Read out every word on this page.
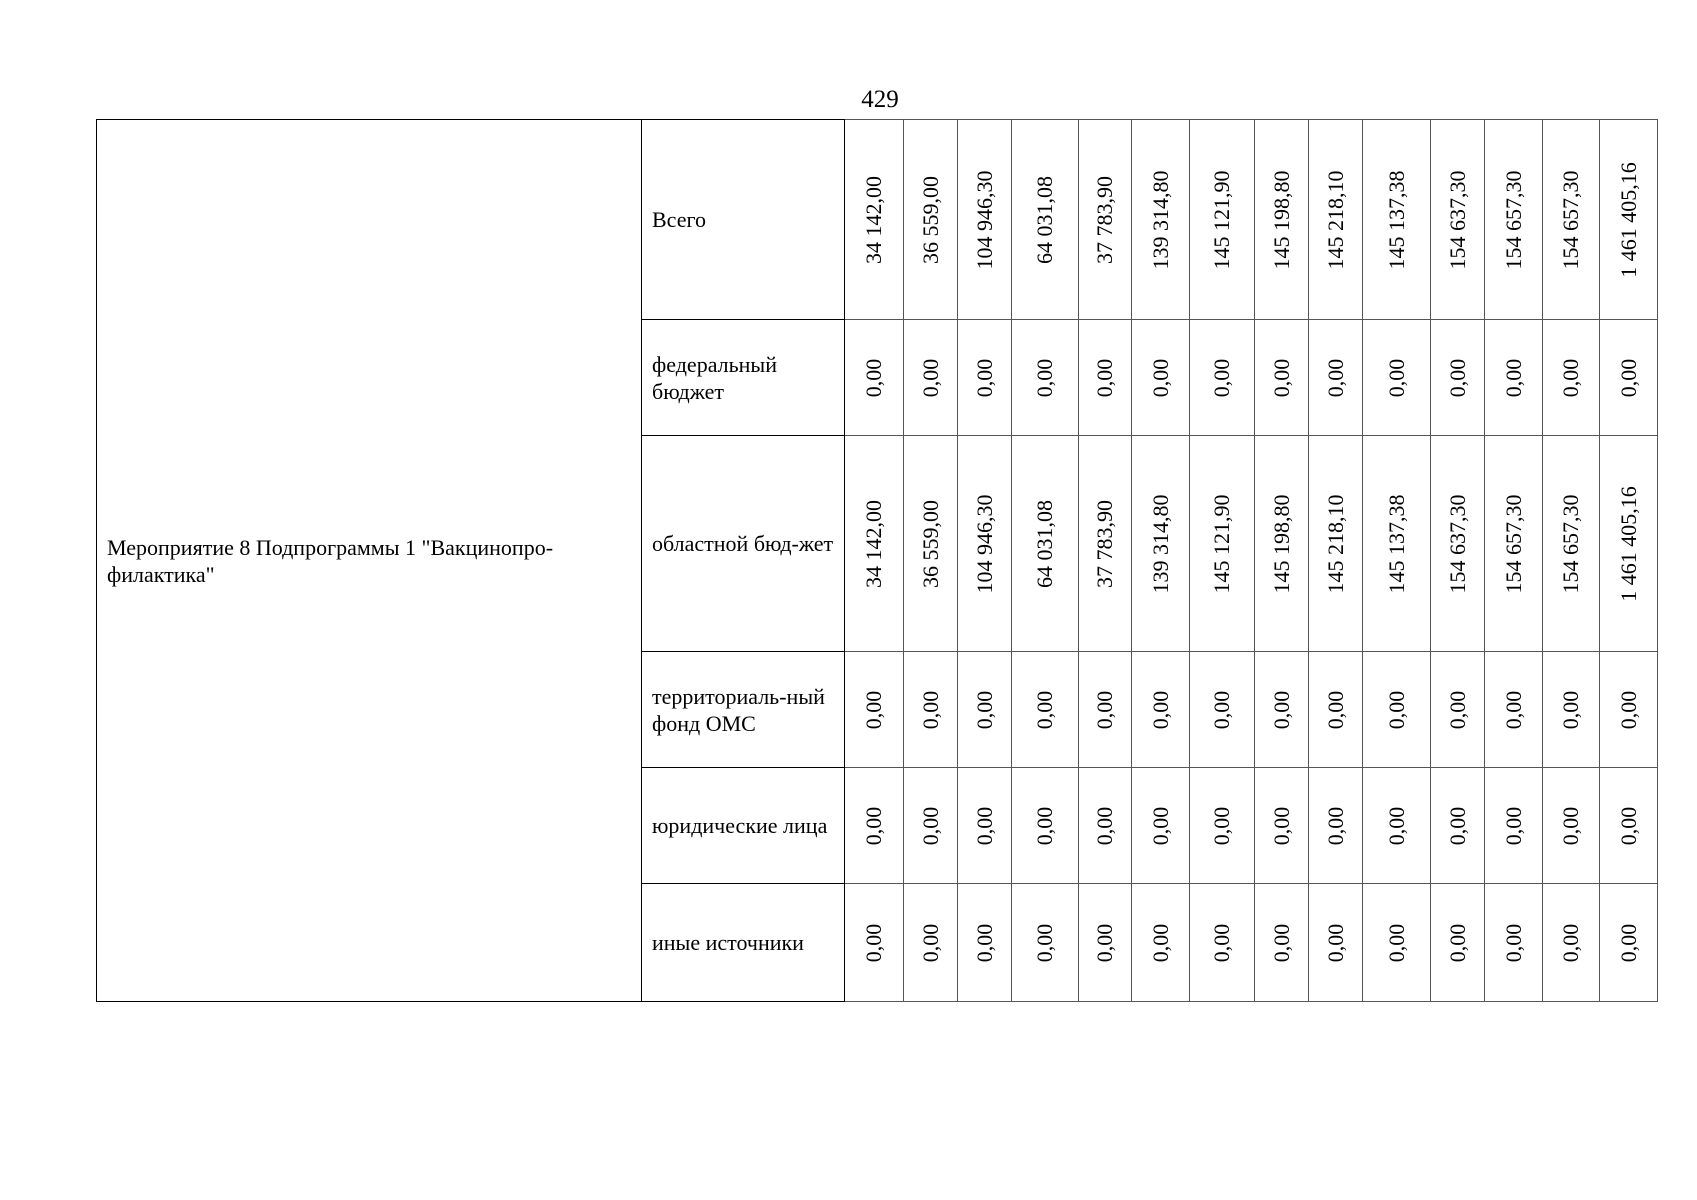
429
Мероприятие 8 Подпрограммы 1 "Вакцинопро-филактика"	Всего	34 142,00	36 559,00	104 946,30	64 031,08	37 783,90	139 314,80	145 121,90	145 198,80	145 218,10	145 137,38	154 637,30	154 657,30	154 657,30	1 461 405,16

	федеральный бюджет	0,00	0,00	0,00	0,00	0,00	0,00	0,00	0,00	0,00	0,00	0,00	0,00	0,00	0,00

	областной бюд-жет	34 142,00	36 559,00	104 946,30	64 031,08	37 783,90	139 314,80	145 121,90	145 198,80	145 218,10	145 137,38	154 637,30	154 657,30	154 657,30	1 461 405,16

	территориаль-ный фонд ОМС	0,00	0,00	0,00	0,00	0,00	0,00	0,00	0,00	0,00	0,00	0,00	0,00	0,00	0,00

	юридические лица	0,00	0,00	0,00	0,00	0,00	0,00	0,00	0,00	0,00	0,00	0,00	0,00	0,00	0,00

	иные источники	0,00	0,00	0,00	0,00	0,00	0,00	0,00	0,00	0,00	0,00	0,00	0,00	0,00	0,00
